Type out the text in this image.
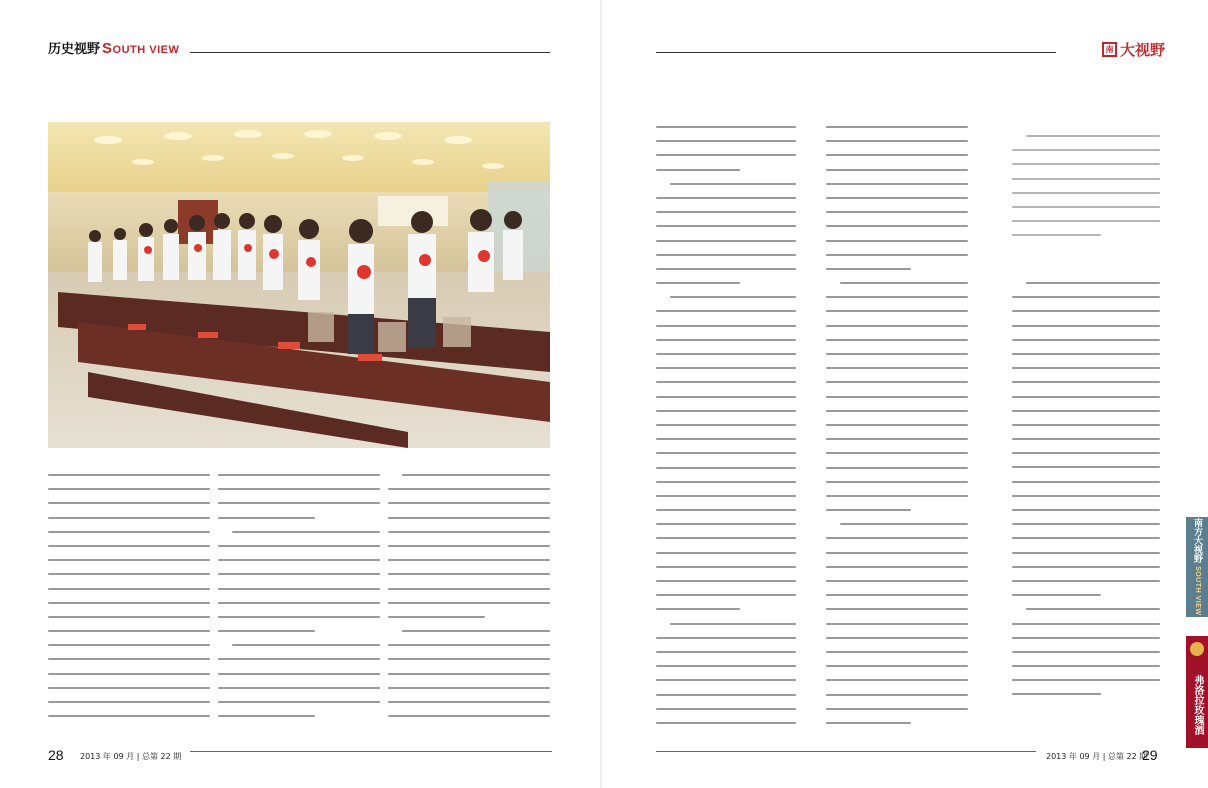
历史视野 SOUTH VIEW
28 2013 年 09 月 | 总第 22 期
南 大视野
2013 年 09 月 | 总第 22 期
29
南方大视野 SOUTH VIEW
弗洛拉玫瑰酒
